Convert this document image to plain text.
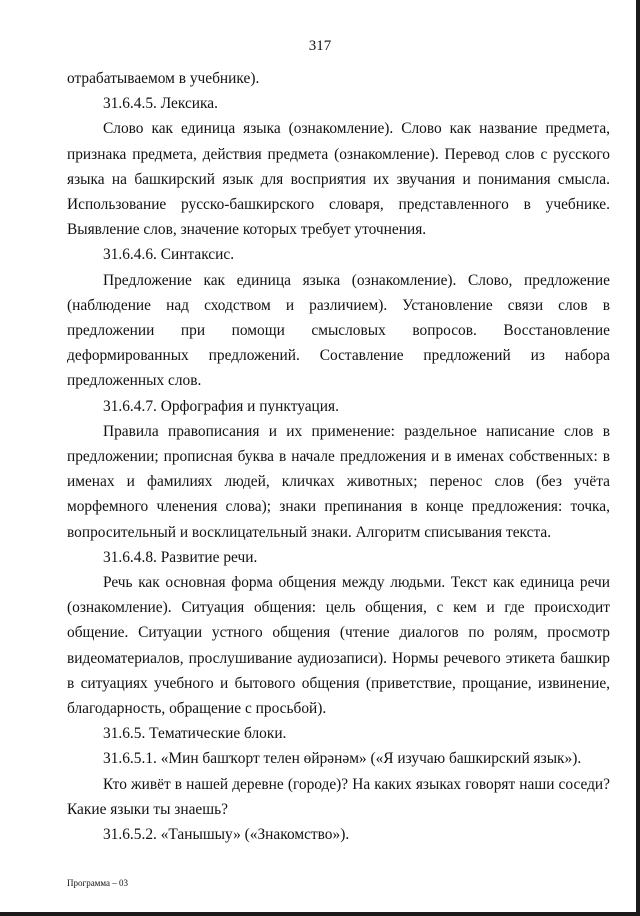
317

отрабатываемом в учебнике).

31.6.4.5. Лексика.

Слово как единица языка (ознакомление). Слово как название предмета, признака предмета, действия предмета (ознакомление). Перевод слов с русского языка на башкирский язык для восприятия их звучания и понимания смысла. Использование русско-башкирского словаря, представленного в учебнике. Выявление слов, значение которых требует уточнения.

31.6.4.6. Синтаксис.

Предложение как единица языка (ознакомление). Слово, предложение (наблюдение над сходством и различием). Установление связи слов в предложении при помощи смысловых вопросов. Восстановление деформированных предложений. Составление предложений из набора предложенных слов.

31.6.4.7. Орфография и пунктуация.

Правила правописания и их применение: раздельное написание слов в предложении; прописная буква в начале предложения и в именах собственных: в именах и фамилиях людей, кличках животных; перенос слов (без учёта морфемного членения слова); знаки препинания в конце предложения: точка, вопросительный и восклицательный знаки. Алгоритм списывания текста.

31.6.4.8. Развитие речи.

Речь как основная форма общения между людьми. Текст как единица речи (ознакомление). Ситуация общения: цель общения, с кем и где происходит общение. Ситуации устного общения (чтение диалогов по ролям, просмотр видеоматериалов, прослушивание аудиозаписи). Нормы речевого этикета башкир в ситуациях учебного и бытового общения (приветствие, прощание, извинение, благодарность, обращение с просьбой).

31.6.5. Тематические блоки.

31.6.5.1. «Мин башҡорт телен өйрәнәм» («Я изучаю башкирский язык»).

Кто живёт в нашей деревне (городе)? На каких языках говорят наши соседи? Какие языки ты знаешь?

31.6.5.2. «Танышыу» («Знакомство»).

Программа – 03
